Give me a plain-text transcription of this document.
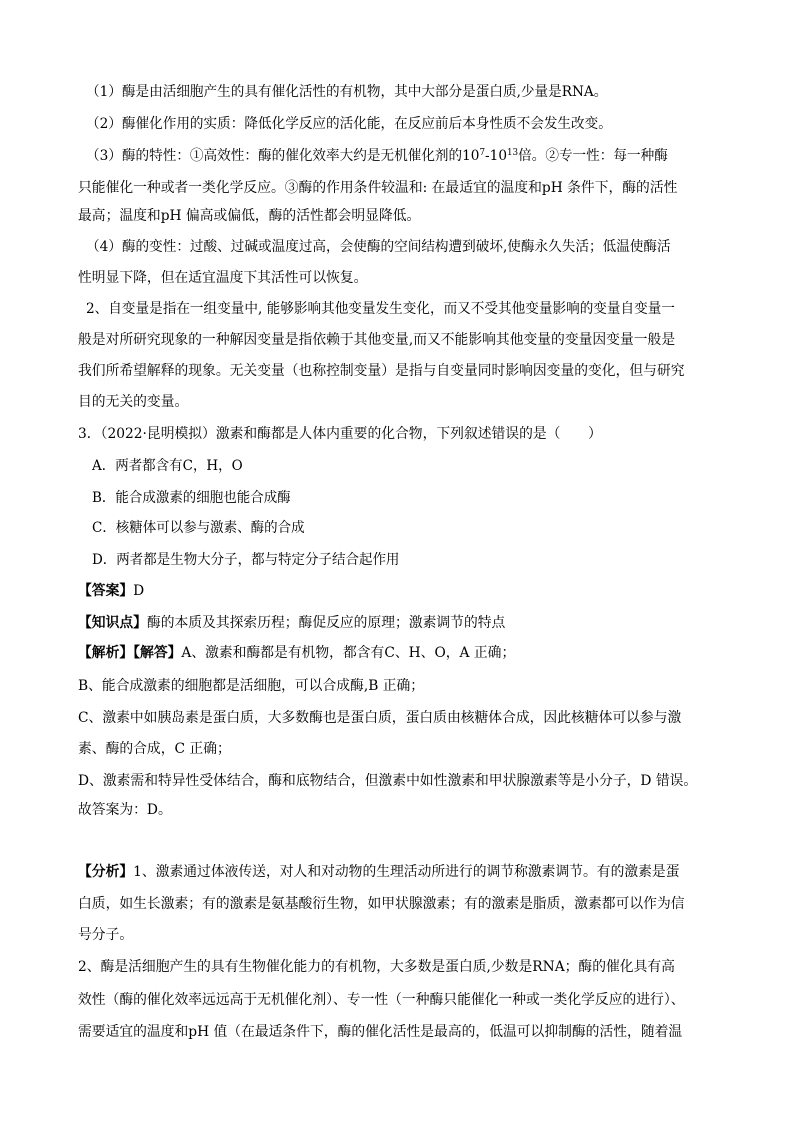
（1）酶是由活细胞产生的具有催化活性的有机物，其中大部分是蛋白质,少量是RNA。
（2）酶催化作用的实质：降低化学反应的活化能，在反应前后本身性质不会发生改变。
（3）酶的特性：①高效性：酶的催化效率大约是无机催化剂的$10^7-10^{13}$倍。②专一性：每一种酶
只能催化一种或者一类化学反应。③酶的作用条件较温和: 在最适宜的温度和pH 条件下，酶的活性
最高；温度和pH 偏高或偏低，酶的活性都会明显降低。
（4）酶的变性：过酸、过碱或温度过高，会使酶的空间结构遭到破坏,使酶永久失活；低温使酶活
性明显下降，但在适宜温度下其活性可以恢复。
2、自变量是指在一组变量中, 能够影响其他变量发生变化，而又不受其他变量影响的变量自变量一
般是对所研究现象的一种解因变量是指依赖于其他变量,而又不能影响其他变量的变量因变量一般是
我们所希望解释的现象。无关变量（也称控制变量）是指与自变量同时影响因变量的变化，但与研究
目的无关的变量。
3．（2022·昆明模拟）激素和酶都是人体内重要的化合物，下列叙述错误的是（　　）
A．两者都含有C，H，O
B．能合成激素的细胞也能合成酶
C．核糖体可以参与激素、酶的合成
D．两者都是生物大分子，都与特定分子结合起作用
【答案】D
【知识点】酶的本质及其探索历程；酶促反应的原理；激素调节的特点
【解析】【解答】A、激素和酶都是有机物，都含有C、H、O，A 正确；
B、能合成激素的细胞都是活细胞，可以合成酶,B 正确；
C、激素中如胰岛素是蛋白质，大多数酶也是蛋白质，蛋白质由核糖体合成，因此核糖体可以参与激
素、酶的合成，C 正确；
D、激素需和特异性受体结合，酶和底物结合，但激素中如性激素和甲状腺激素等是小分子，D 错误。
故答案为：D。
【分析】1、激素通过体液传送，对人和对动物的生理活动所进行的调节称激素调节。有的激素是蛋
白质，如生长激素；有的激素是氨基酸衍生物，如甲状腺激素；有的激素是脂质，激素都可以作为信
号分子。
2、酶是活细胞产生的具有生物催化能力的有机物，大多数是蛋白质,少数是RNA；酶的催化具有高
效性（酶的催化效率远远高于无机催化剂）、专一性（一种酶只能催化一种或一类化学反应的进行）、
需要适宜的温度和pH 值（在最适条件下，酶的催化活性是最高的，低温可以抑制酶的活性，随着温
